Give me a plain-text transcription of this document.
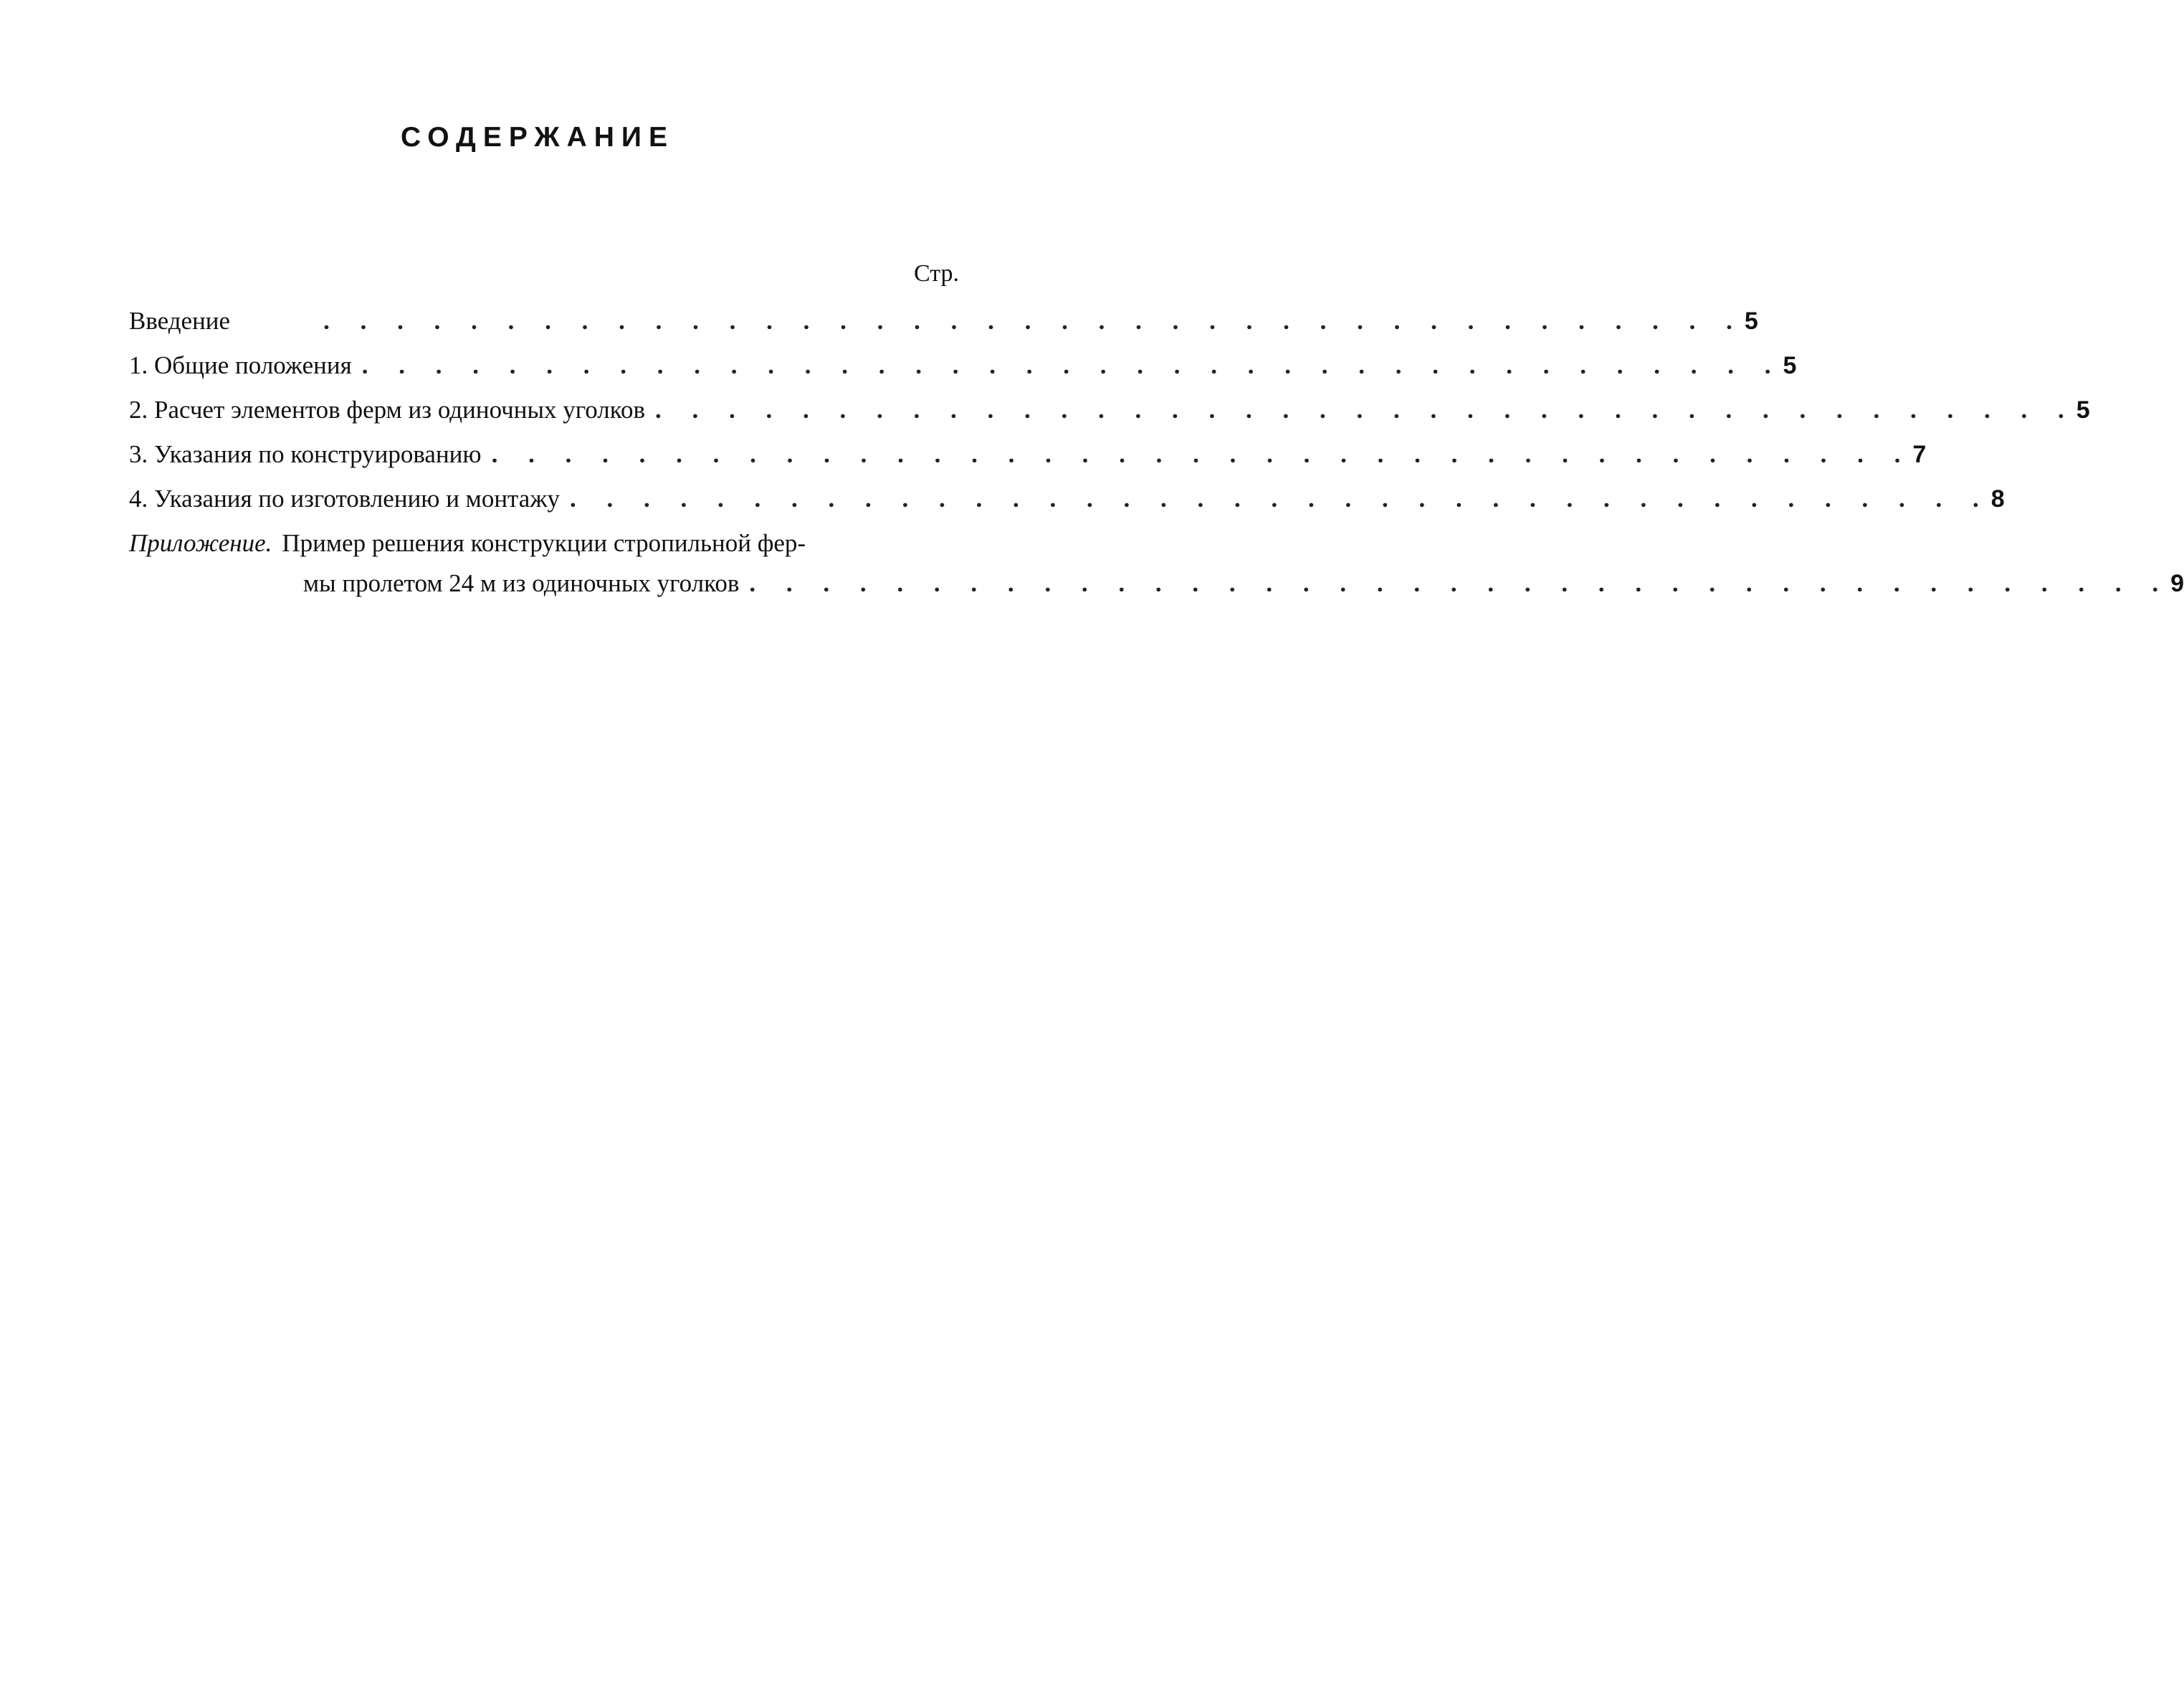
СОДЕРЖАНИЕ
Стр.
Введение	. . . . . . . . . . . . . . . . . . . . . . . . . . . . . . . . . . . . . . . 5
1. Общие положения . . . . . . . . . . . . . . . . . . . . . . . . . . . . . . . . . . . . . . . 5
2. Расчет элементов ферм из одиночных уголков . . . . . . . . . . . . . . . . . . . . . . . . . . . . . . . . . . . . . . . 5
3. Указания по конструированию . . . . . . . . . . . . . . . . . . . . . . . . . . . . . . . . . . . . . . . 7
4. Указания по изготовлению и монтажу . . . . . . . . . . . . . . . . . . . . . . . . . . . . . . . . . . . . . . . 8
Приложение. Пример решения конструкции стропильной фер-
мы пролетом 24 м из одиночных уголков . . . . . . . . . . . . . . . . . . . . . . . . . . . . . . . . . . . . . . . 9
